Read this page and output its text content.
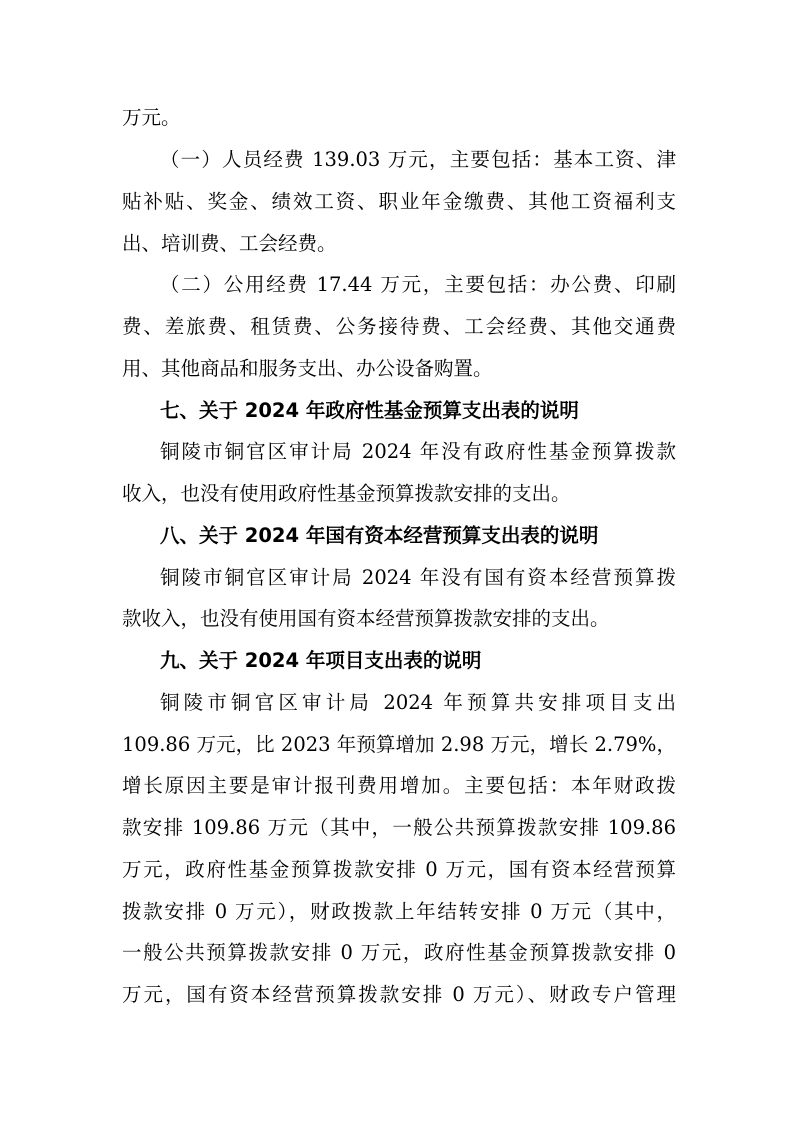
万元。
（一）人员经费 139.03 万元，主要包括：基本工资、津
贴补贴、奖金、绩效工资、职业年金缴费、其他工资福利支
出、培训费、工会经费。
（二）公用经费 17.44 万元，主要包括：办公费、印刷
费、差旅费、租赁费、公务接待费、工会经费、其他交通费
用、其他商品和服务支出、办公设备购置。
七、关于 2024 年政府性基金预算支出表的说明
铜陵市铜官区审计局 2024 年没有政府性基金预算拨款
收入，也没有使用政府性基金预算拨款安排的支出。
八、关于 2024 年国有资本经营预算支出表的说明
铜陵市铜官区审计局 2024 年没有国有资本经营预算拨
款收入，也没有使用国有资本经营预算拨款安排的支出。
九、关于 2024 年项目支出表的说明
铜陵市铜官区审计局 2024 年预算共安排项目支出
109.86 万元，比 2023 年预算增加 2.98 万元，增长 2.79%，
增长原因主要是审计报刊费用增加。主要包括：本年财政拨
款安排 109.86 万元（其中，一般公共预算拨款安排 109.86
万元，政府性基金预算拨款安排 0 万元，国有资本经营预算
拨款安排 0 万元），财政拨款上年结转安排 0 万元（其中，
一般公共预算拨款安排 0 万元，政府性基金预算拨款安排 0
万元，国有资本经营预算拨款安排 0 万元）、财政专户管理
